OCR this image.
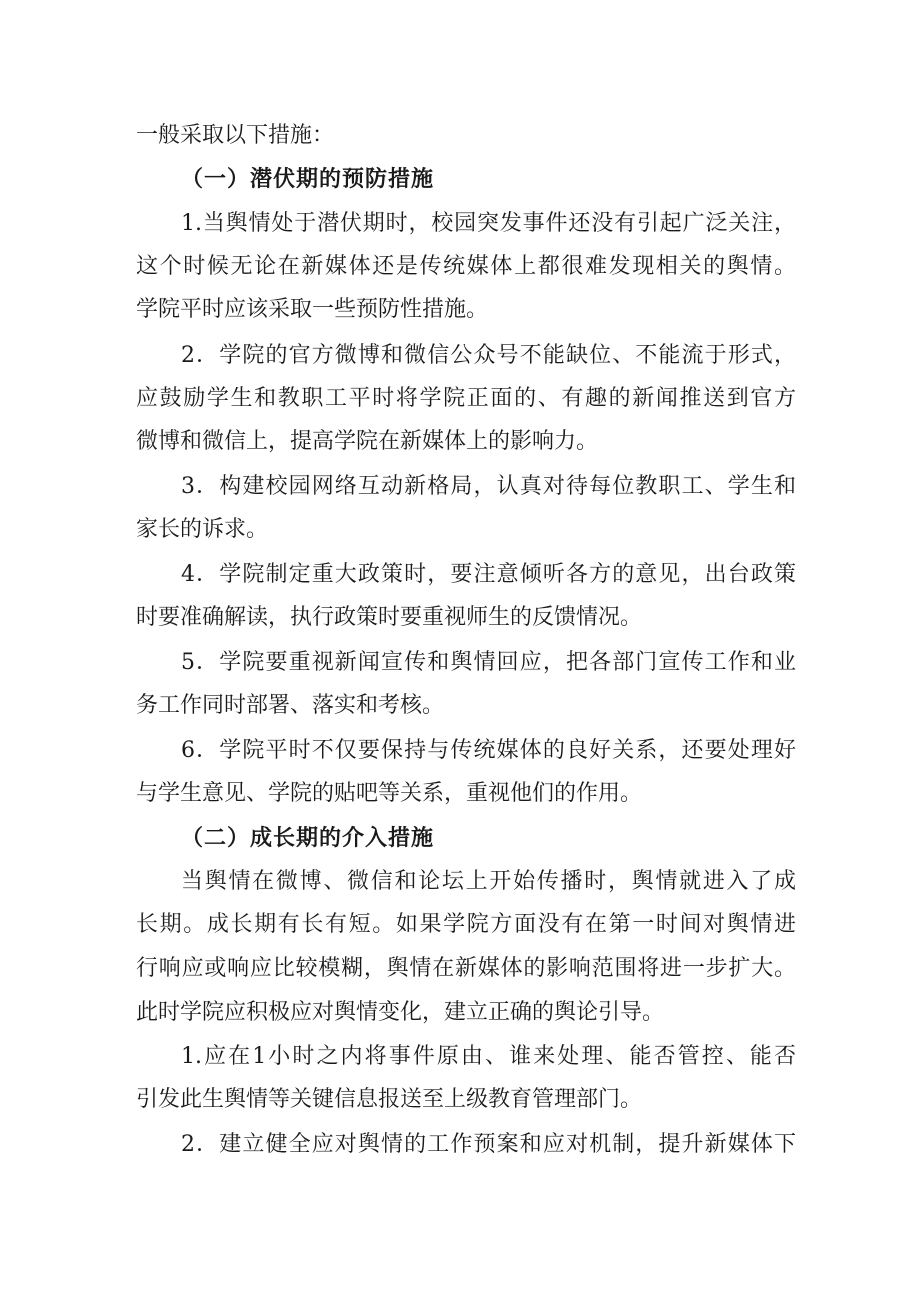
一般采取以下措施：
（一）潜伏期的预防措施
1.当舆情处于潜伏期时，校园突发事件还没有引起广泛关注，
这个时候无论在新媒体还是传统媒体上都很难发现相关的舆情。
学院平时应该采取一些预防性措施。
2．学院的官方微博和微信公众号不能缺位、不能流于形式，
应鼓励学生和教职工平时将学院正面的、有趣的新闻推送到官方
微博和微信上，提高学院在新媒体上的影响力。
3．构建校园网络互动新格局，认真对待每位教职工、学生和
家长的诉求。
4．学院制定重大政策时，要注意倾听各方的意见，出台政策
时要准确解读，执行政策时要重视师生的反馈情况。
5．学院要重视新闻宣传和舆情回应，把各部门宣传工作和业
务工作同时部署、落实和考核。
6．学院平时不仅要保持与传统媒体的良好关系，还要处理好
与学生意见、学院的贴吧等关系，重视他们的作用。
（二）成长期的介入措施
当舆情在微博、微信和论坛上开始传播时，舆情就进入了成
长期。成长期有长有短。如果学院方面没有在第一时间对舆情进
行响应或响应比较模糊，舆情在新媒体的影响范围将进一步扩大。
此时学院应积极应对舆情变化，建立正确的舆论引导。
1.应在1小时之内将事件原由、谁来处理、能否管控、能否
引发此生舆情等关键信息报送至上级教育管理部门。
2．建立健全应对舆情的工作预案和应对机制，提升新媒体下
